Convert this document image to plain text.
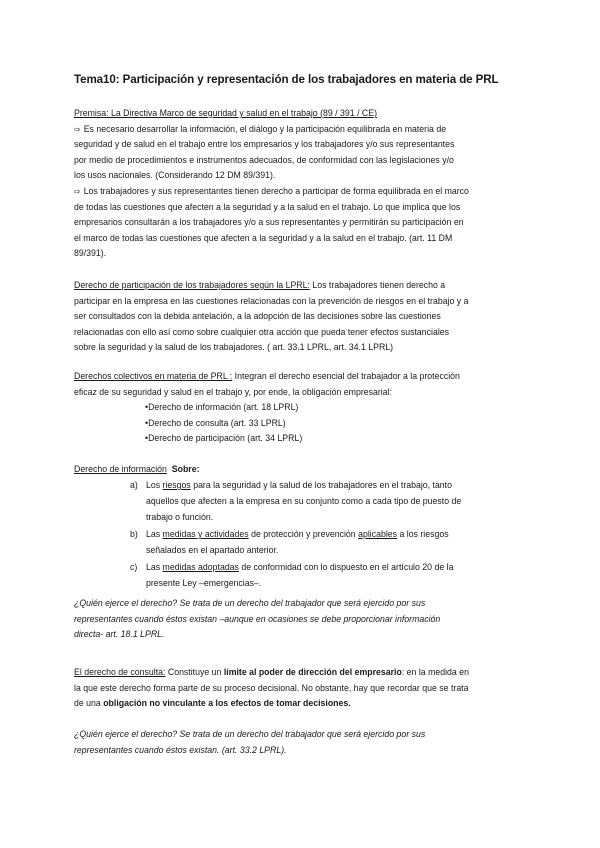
Tema10: Participación y representación de los trabajadores en materia de PRL
Premisa: La Directiva Marco de seguridad y salud en el trabajo (89 / 391 / CE)
⇨ Es necesario desarrollar la información, el diálogo y la participación equilibrada en materia de
seguridad y de salud en el trabajo entre los empresarios y los trabajadores y/o sus representantes
por medio de procedimientos e instrumentos adecuados, de conformidad con las legislaciones y/o
los usos nacionales. (Considerando 12 DM 89/391).
⇨ Los trabajadores y sus representantes tienen derecho a participar de forma equilibrada en el marco
de todas las cuestiones que afecten a la seguridad y a la salud en el trabajo. Lo que implica que los
empresarios consultarán a los trabajadores y/o a sus representantes y permitirán su participación en
el marco de todas las cuestiones que afecten a la seguridad y a la salud en el trabajo. (art. 11 DM
89/391).
Derecho de participación de los trabajadores según la LPRL: Los trabajadores tienen derecho a
participar en la empresa en las cuestiones relacionadas con la prevención de riesgos en el trabajo y a
ser consultados con la debida antelación, a la adopción de las decisiones sobre las cuestiones
relacionadas con ello así como sobre cualquier otra acción que pueda tener efectos sustanciales
sobre la seguridad y la salud de los trabajadores. ( art. 33.1 LPRL, art. 34.1 LPRL)
Derechos colectivos en materia de PRL : Integran el derecho esencial del trabajador a la protección
eficaz de su seguridad y salud en el trabajo y, por ende, la obligación empresarial:
•Derecho de información (art. 18 LPRL)
•Derecho de consulta (art. 33 LPRL)
•Derecho de participación (art. 34 LPRL)
Derecho de información Sobre:
a) Los riesgos para la seguridad y la salud de los trabajadores en el trabajo, tanto
aquellos que afecten a la empresa en su conjunto como a cada tipo de puesto de
trabajo o función.
b) Las medidas y actividades de protección y prevención aplicables a los riesgos
señalados en el apartado anterior.
c) Las medidas adoptadas de conformidad con lo dispuesto en el artículo 20 de la
presente Ley –emergencias–.
¿Quién ejerce el derecho? Se trata de un derecho del trabajador que será ejercido por sus
representantes cuando éstos existan –aunque en ocasiones se debe proporcionar información
directa- art. 18.1 LPRL.
El derecho de consulta: Constituye un límite al poder de dirección del empresario: en la medida en
la que este derecho forma parte de su proceso decisional. No obstante, hay que recordar que se trata
de una obligación no vinculante a los efectos de tomar decisiones.
¿Quién ejerce el derecho? Se trata de un derecho del trabajador que será ejercido por sus
representantes cuando éstos existan. (art. 33.2 LPRL).
